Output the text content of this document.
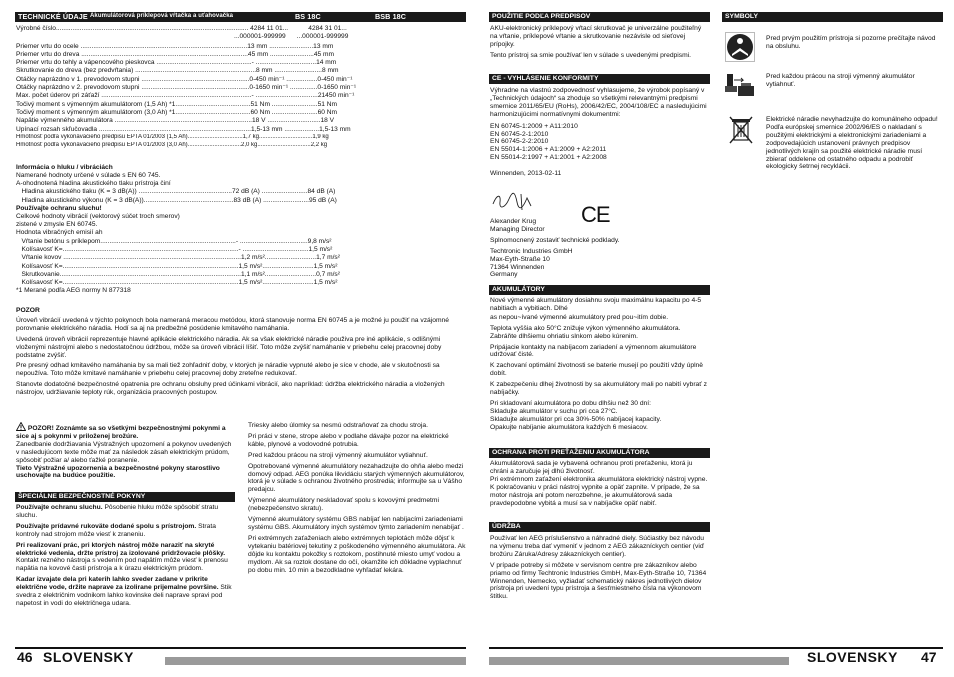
TECHNICKÉ ÚDAJE Akumulátorová príklepová vŕtačka a uťahovačka	BS 18C	BSB 18C
Výrobné číslo......................................................................................................... 4284 11 01...           4284 31 01...
...000001-999999      ...000001-999999
Priemer vrtu do ocele ...........................................................................................13 mm ........................13 mm
Priemer vrtu do dreva ...........................................................................................45 mm ........................45 mm
Priemer vrtu do tehly a vápencového pieskovca ....................................................- .................................14 mm
Skrutkovanie do dreva (bez predvŕtania) ..................................................................8 mm ..........................8 mm
Otáčky naprázdno v 1. prevodovom stupni ...........................................................0-450 min⁻¹ .................0-450 min⁻¹
Otáčky naprázdno v 2. prevodovom stupni ...........................................................0-1650 min⁻¹ ...............0-1650 min⁻¹
Max. počet úderov pri záťaží ..................................................................................- ..................................21450 min⁻¹
Točivý moment s výmenným akumulátorom (1,5 Ah) *1.........................................51 Nm .........................51 Nm
Točivý moment s výmenným akumulátorom (3,0 Ah) *1.........................................60 Nm .........................60 Nm
Napätie výmenného akumulátora ...........................................................................18 V .............................18 V
Upínací rozsah skľučovadla ...................................................................................1,5-13 mm ...................1,5-13 mm
Hmotnosť podľa vykonávacieho predpisu EPTA 01/2003 (1,5 Ah).................................1,7 kg................................1,9 kg
Hmotnosť podľa vykonávacieho predpisu EPTA 01/2003 (3,0 Ah)................................2,0 kg................................2,2 kg
Informácia o hluku / vibráciách
Namerané hodnoty určené v súlade s EN 60 745.
A-ohodnotená hladina akustického tlaku prístroja činí
Hladina akustického tlaku (K = 3 dB(A)) ...................................................72 dB (A) .........................84 dB (A)
Hladina akustického výkonu (K = 3 dB(A)).................................................83 dB (A) .........................95 dB (A)
Používajte ochranu sluchu!
Celkové hodnoty vibrácií (vektorový súčet troch smerov)
zistené v zmysle EN 60745.
Hodnota vibračných emisií ah
Vŕtanie betónu s príklepom..........................................................................- .....................................9,8 m/s²
Kolísavosť K=................................................................................................- ....................................1,5 m/s²
Vŕtanie kovov .................................................................................................1,2 m/s²............................1,7 m/s²
Kolísavosť K=................................................................................................1,5 m/s²............................1,5 m/s²
Skrutkovanie...................................................................................................1,1 m/s²............................0,7 m/s²
Kolísavosť K=................................................................................................1,5 m/s²............................1,5 m/s²
*1 Merané podľa AEG normy N 877318

POZOR

Úroveň vibrácií uvedená v týchto pokynoch bola nameraná meracou metódou, ktorá stanovuje norma EN 60745 a je možné ju použiť na vzájomné porovnanie elektrického náradia. Hodí sa aj na predbežné posúdenie kmitavého namáhania.

Uvedená úroveň vibrácií reprezentuje hlavné aplikácie elektrického náradia. Ak sa však elektrické náradie použiva pre iné aplikácie, s odlišnými vloženými nástrojmi alebo s nedostatočnou údržbou, môže sa úroveň vibrácií líšiť. Toto môže zvýšiť namáhanie v priebehu celej pracovnej doby podstatne zvýšiť.

Pre presný odhad kmitavého namáhania by sa mali tiež zohľadniť doby, v ktorých je náradie vypnuté alebo je síce v chode, ale v skutočnosti sa nepoužíva. Toto môže kmitavé namáhanie v priebehu celej pracovnej doby zreteľne redukovať.

Stanovte dodatočné bezpečnostné opatrenia pre ochranu obsluhy pred účinkami vibrácií, ako napríklad: údržba elektrického náradia a vložených nástrojov, udržiavanie teploty rúk, organizácia pracovných postupov.

POZOR! Zoznámte sa so všetkými bezpečnostnými pokynmi a sice aj s pokynmi v priloženej brožúre.
Zanedbanie dodržiavania Výstražných upozornení a pokynov uvedených v nasledujúcom texte môže mať za následok zásah elektrickým prúdom, spôsobiť požiar a/ alebo ťažké poranenie.
Tieto Výstražné upozornenia a bezpečnostné pokyny starostlivo uschovajte na budúce použitie.
ŠPECIÁLNE BEZPEČNOSTNÉ POKYNY

Používajte ochranu sluchu. Pôsobenie hluku môže spôsobiť stratu sluchu.

Používajte prídavné rukoväte dodané spolu s prístrojom. Strata kontroly nad strojom môže viesť k zraneniu.

Pri realizovaní prác, pri ktorých nástroj môže naraziť na skryté elektrické vedenia, držte prístroj za izolované pridržovacie plôšky. Kontakt rezného nástroja s vedením pod napätím môže viesť k prenosu napätia na kovové časti prístroja a k úrazu elektrickým prúdom.

Kadar izvajate dela pri katerih lahko sveder zadane v prikrite električne vode, držite naprave za izolirane prijemalne površine. Stik svedra z električnim vodnikom lahko kovinske deli naprave spravi pod napetost in vodi do električnega udara.

Triesky alebo úlomky sa nesmú odstraňovať za chodu stroja.

Pri práci v stene, strope alebo v podlahe dávajte pozor na elektrické káble, plynové a vodovodné potrubia.

Pred každou prácou na stroji výmenný akumulátor vytiahnuť.

Opotrebované výmenné akumulátory nezahadzujte do ohňa alebo medzi domový odpad. AEG ponúka likvidáciu starých výmenných akumulátorov, ktorá je v súlade s ochranou životného prostredia; informujte sa u Vášho predajcu.

Výmenné akumulátory neskladovať spolu s kovovými predmetmi (nebezpečenstvo skratu).

Výmenné akumulátory systému GBS nabíjať len nabíjacími zariadeniami systému GBS. Akumulátory iných systémov týmto zariadením nenabíjať .

Pri extrémnych zaťaženiach alebo extrémnych teplotách môže dôjsť k vytekaniu batériovej tekutiny z poškodeného výmenného akumulátora. Ak dôjde ku kontaktu pokožky s roztokom, postihnuté miesto umyť vodou a mydlom. Ak sa roztok dostane do očí, okamžite ich dôkladne vyplachnuť po dobu min. 10 min a bezodkladne vyhľadať lekára.

46 SLOVENSKY
POUŽITIE PODĽA PREDPISOV

AKU-elektronický príklepový vŕtací skrutkovač je univerzálne použiteľný na vŕtanie, príklepové vŕtanie a skrutkovanie nezávisle od sieťovej prípojky.

Tento prístroj sa smie používať len v súlade s uvedenými predpismi.

CE - VYHLÁSENIE KONFORMITY
Výhradne na vlastnú zodpovednosť vyhlasujeme, že výrobok popísaný v „Technických údajoch“ sa zhoduje so všetkými relevantnými predpismi smernice 2011/65/EU (RoHs), 2006/42/EC, 2004/108/EC a nasledujúcimi harmonizujúcimi normatívnymi dokumentmi:
EN 60745-1:2009 + A11:2010
EN 60745-2-1:2010
EN 60745-2-2:2010
EN 55014-1:2006 + A1:2009 + A2:2011
EN 55014-2:1997 + A1:2001 + A2:2008
Winnenden, 2013-02-11
CE
Alexander Krug
Managing Director
Splnomocnený zostaviť technické podklady.
Techtronic Industries GmbH
Max-Eyth-Straße 10
71364 Winnenden
Germany
AKUMULÁTORY

Nové výmenné akumulátory dosiahnu svoju maximálnu kapacitu po 4-5 nabitiach a vybitiach. Dlhé

as nepou~ívané výmenné akumulátory pred pou~itím dobie.

Teplota vyššia ako 50°C znižuje výkon výmenného akumulátora. Zabráňte dlhšiemu ohriatiu slnkom alebo kúrenim.

Pripájacie kontakty na nabíjacom zariadení a výmennom akumulátore udržovať čisté.

K zachovaní optimální životnosti se baterie musejí po použití vždy úplně dobít.

K zabezpečeniu dlhej životnosti by sa akumulátory mali po nabití vybrať z nabíjačky.

Pri skladovaní akumulátora po dobu dlhšiu než 30 dní:
Skladujte akumulátor v suchu pri cca 27°C.
Skladujte akumulátor pri cca 30%-50% nabíjacej kapacity.
Opakujte nabíjanie akumulátora každých 6 mesiacov.

OCHRANA PROTI PREŤAŽENIU AKUMULÁTORA
Akumulátorová sada je vybavená ochranou proti preťaženiu, ktorá ju chráni a zaručuje jej dlhú životnosť.
Pri extrémnom zaťažení elektronika akumulátora elektrický nástroj vypne. K pokračovaniu v práci nástroj vypnite a opäť zapnite. V prípade, že sa motor nástroja ani potom nerozbehne, je akumulátorová sada pravdepodobne vybitá a musí sa v nabíjačke opäť nabiť.
ÚDRŽBA

Používať len AEG príslušenstvo a náhradné diely. Súčiastky bez návodu na výmenu treba dať vymeniť v jednom z AEG zákazníckych centier (viď brožúru Záruka/Adresy zákazníckych centier).

V prípade potreby si môžete v servisnom centre pre zákazníkov alebo priamo od firmy Techtronic Industries GmbH, Max-Eyth-Straße 10, 71364 Winnenden, Nemecko, vyžiadať schematický nákres jednotlivých dielov prístroja pri uvedení typu prístroja a šesťmiestneho čísla na výkonovom štítku.

SYMBOLY
Pred prvým použitím prístroja si pozorne prečítajte návod na obsluhu.
Pred každou prácou na stroji výmenný akumulátor vytiahnuť.
Elektrické náradie nevyhadzujte do komunálneho odpadu! Podľa európskej smernice 2002/96/ES o nakladaní s použitými elektrickými a elektronickými zariadeniami a zodpovedajúcich ustanovení právnych predpisov jednotlivých krajín sa použité elektrické náradie musí zbierať oddelene od ostatného odpadu a podrobiť ekologicky šetrnej recyklácii.
SLOVENSKY 47
